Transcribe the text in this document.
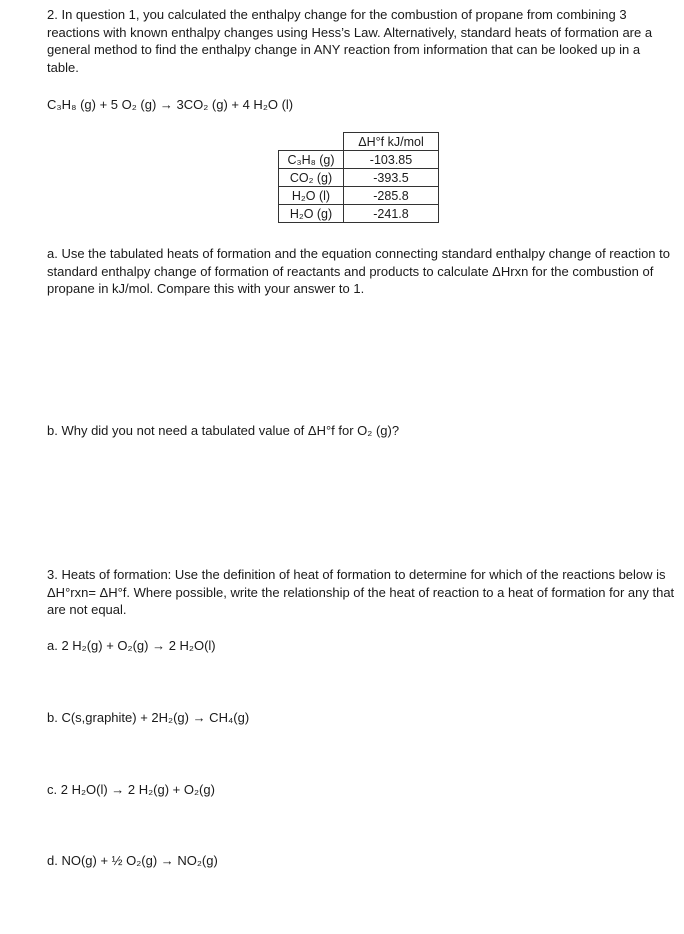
2. In question 1, you calculated the enthalpy change for the combustion of propane from combining 3 reactions with known enthalpy changes using Hess’s Law. Alternatively, standard heats of formation are a general method to find the enthalpy change in ANY reaction from information that can be looked up in a table.
C₃H₈ (g) + 5 O₂ (g) → 3CO₂ (g) + 4 H₂O (l)
	ΔH°f kJ/mol
C₃H₈ (g)	-103.85
CO₂ (g)	-393.5
H₂O (l)	-285.8
H₂O (g)	-241.8
a. Use the tabulated heats of formation and the equation connecting standard enthalpy change of reaction to standard enthalpy change of formation of reactants and products to calculate ΔHrxn for the combustion of propane in kJ/mol. Compare this with your answer to 1.
b. Why did you not need a tabulated value of ΔH°f for O₂ (g)?
3. Heats of formation: Use the definition of heat of formation to determine for which of the reactions below is ΔH°rxn= ΔH°f. Where possible, write the relationship of the heat of reaction to a heat of formation for any that are not equal.
a. 2 H₂(g) + O₂(g) → 2 H₂O(l)
b. C(s,graphite) + 2H₂(g) → CH₄(g)
c. 2 H₂O(l) → 2 H₂(g) + O₂(g)
d. NO(g) + ½ O₂(g) → NO₂(g)
